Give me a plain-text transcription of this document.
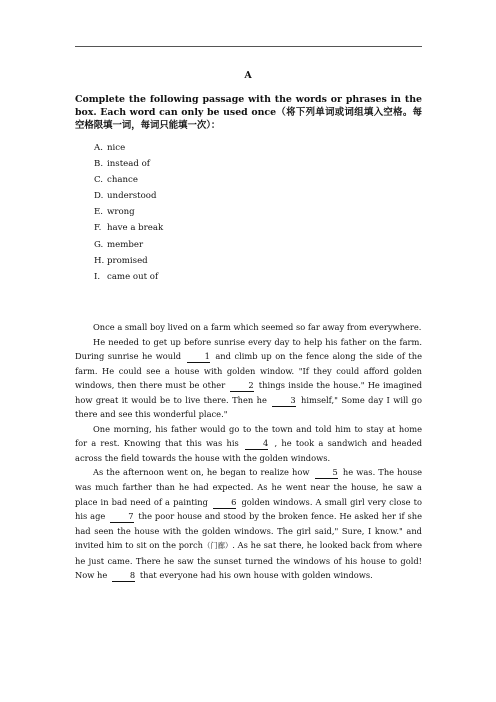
A
Complete the following passage with the words or phrases in the box. Each word can only be used once（将下列单词或词组填入空格。每空格限填一词，每词只能填一次）：
A. nice
B. instead of
C. chance
D. understood
E. wrong
F. have a break
G. member
H. promised
I. came out of

Once a small boy lived on a farm which seemed so far away from everywhere.

He needed to get up before sunrise every day to help his father on the farm. During sunrise he would	1 and climb up on the fence along the side of the farm. He could see a house with golden window. "If they could afford golden windows, then there must be other	2 things inside the house." He imagined how great it would be to live there. Then he	3 himself," Some day I will go there and see this wonderful place."

One morning, his father would go to the town and told him to stay at home for a rest. Knowing that this was his	4 , he took a sandwich and headed across the field towards the house with the golden windows.

As the afternoon went on, he began to realize how	5 he was. The house was much farther than he had expected. As he went near the house, he saw a place in bad need of a painting	6 golden windows. A small girl very close to his age	7 the poor house and stood by the broken fence. He asked her if she had seen the house with the golden windows. The girl said," Sure, I know." and invited him to sit on the porch（门廊）. As he sat there, he looked back from where he just came. There he saw the sunset turned the windows of his house to gold! Now he	8 that everyone had his own house with golden windows.
